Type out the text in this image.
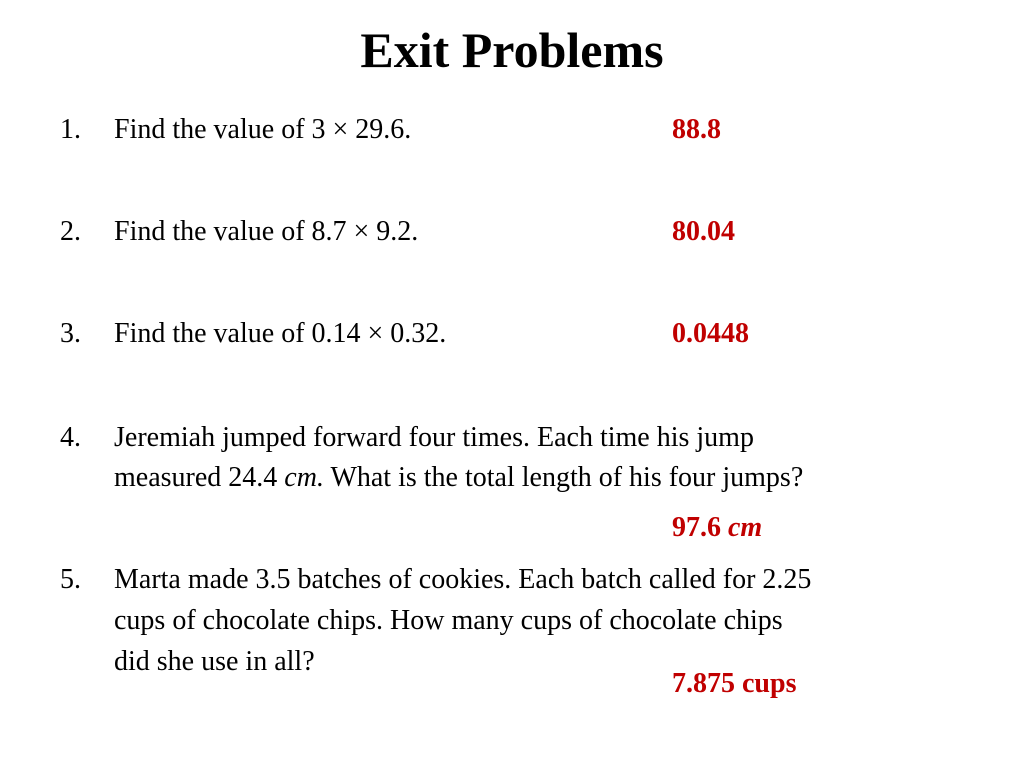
Exit Problems
1. Find the value of 3 × 29.6.	88.8
2. Find the value of 8.7 × 9.2.	80.04
3. Find the value of 0.14 × 0.32.	0.0448
4. Jeremiah jumped forward four times. Each time his jump
measured 24.4 cm. What is the total length of his four jumps?
97.6 cm
5. Marta made 3.5 batches of cookies. Each batch called for 2.25
cups of chocolate chips. How many cups of chocolate chips
did she use in all?
7.875 cups
